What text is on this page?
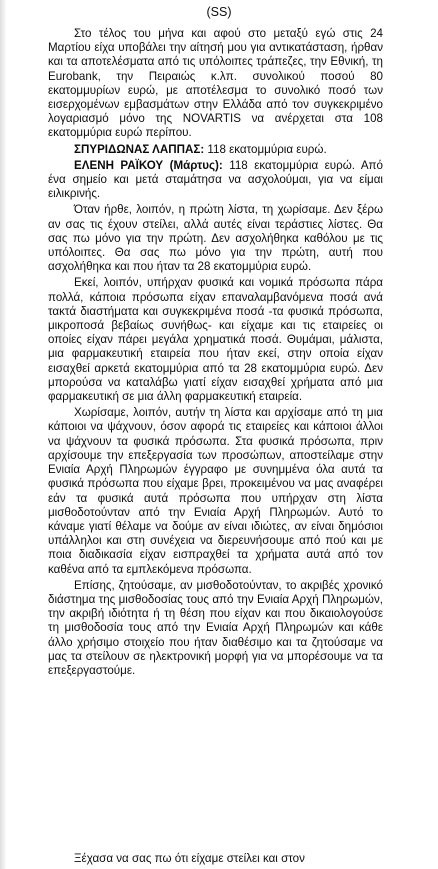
(SS)

Στο τέλος του μήνα και αφού στο μεταξύ εγώ στις 24 Μαρτίου είχα υποβάλει την αίτησή μου για αντικατάσταση, ήρθαν και τα αποτελέσματα από τις υπόλοιπες τράπεζες, την Εθνική, τη Eurobank, την Πειραιώς κ.λπ. συνολικού ποσού 80 εκατομμυρίων ευρώ, με αποτέλεσμα το συνολικό ποσό των εισερχομένων εμβασμάτων στην Ελλάδα από τον συγκεκριμένο λογαριασμό μόνο της NOVARTIS να ανέρχεται στα 108 εκατομμύρια ευρώ περίπου.

ΣΠΥΡΙΔΩΝΑΣ ΛΑΠΠΑΣ: 118 εκατομμύρια ευρώ.

ΕΛΕΝΗ ΡΑΪΚΟΥ (Μάρτυς): 118 εκατομμύρια ευρώ. Από ένα σημείο και μετά σταμάτησα να ασχολούμαι, για να είμαι ειλικρινής.

Όταν ήρθε, λοιπόν, η πρώτη λίστα, τη χωρίσαμε. Δεν ξέρω αν σας τις έχουν στείλει, αλλά αυτές είναι τεράστιες λίστες. Θα σας πω μόνο για την πρώτη. Δεν ασχολήθηκα καθόλου με τις υπόλοιπες. Θα σας πω μόνο για την πρώτη, αυτή που ασχολήθηκα και που ήταν τα 28 εκατομμύρια ευρώ.

Εκεί, λοιπόν, υπήρχαν φυσικά και νομικά πρόσωπα πάρα πολλά, κάποια πρόσωπα είχαν επαναλαμβανόμενα ποσά ανά τακτά διαστήματα και συγκεκριμένα ποσά -τα φυσικά πρόσωπα, μικροποσά βεβαίως συνήθως- και είχαμε και τις εταιρείες οι οποίες είχαν πάρει μεγάλα χρηματικά ποσά. Θυμάμαι, μάλιστα, μια φαρμακευτική εταιρεία που ήταν εκεί, στην οποία είχαν εισαχθεί αρκετά εκατομμύρια από τα 28 εκατομμύρια ευρώ. Δεν μπορούσα να καταλάβω γιατί είχαν εισαχθεί χρήματα από μια φαρμακευτική σε μια άλλη φαρμακευτική εταιρεία.

Χωρίσαμε, λοιπόν, αυτήν τη λίστα και αρχίσαμε από τη μια κάποιοι να ψάχνουν, όσον αφορά τις εταιρείες και κάποιοι άλλοι να ψάχνουν τα φυσικά πρόσωπα. Στα φυσικά πρόσωπα, πριν αρχίσουμε την επεξεργασία των προσώπων, αποστείλαμε στην Ενιαία Αρχή Πληρωμών έγγραφο με συνημμένα όλα αυτά τα φυσικά πρόσωπα που είχαμε βρει, προκειμένου να μας αναφέρει εάν τα φυσικά αυτά πρόσωπα που υπήρχαν στη λίστα μισθοδοτούνταν από την Ενιαία Αρχή Πληρωμών. Αυτό το κάναμε γιατί θέλαμε να δούμε αν είναι ιδιώτες, αν είναι δημόσιοι υπάλληλοι και στη συνέχεια να διερευνήσουμε από πού και με ποια διαδικασία είχαν εισπραχθεί τα χρήματα αυτά από τον καθένα από τα εμπλεκόμενα πρόσωπα.

Επίσης, ζητούσαμε, αν μισθοδοτούνταν, το ακριβές χρονικό διάστημα της μισθοδοσίας τους από την Ενιαία Αρχή Πληρωμών, την ακριβή ιδιότητα ή τη θέση που είχαν και που δικαιολογούσε τη μισθοδοσία τους από την Ενιαία Αρχή Πληρωμών και κάθε άλλο χρήσιμο στοιχείο που ήταν διαθέσιμο και τα ζητούσαμε να μας τα στείλουν σε ηλεκτρονική μορφή για να μπορέσουμε να τα επεξεργαστούμε.

Ξέχασα να σας πω ότι είχαμε στείλει και στον
